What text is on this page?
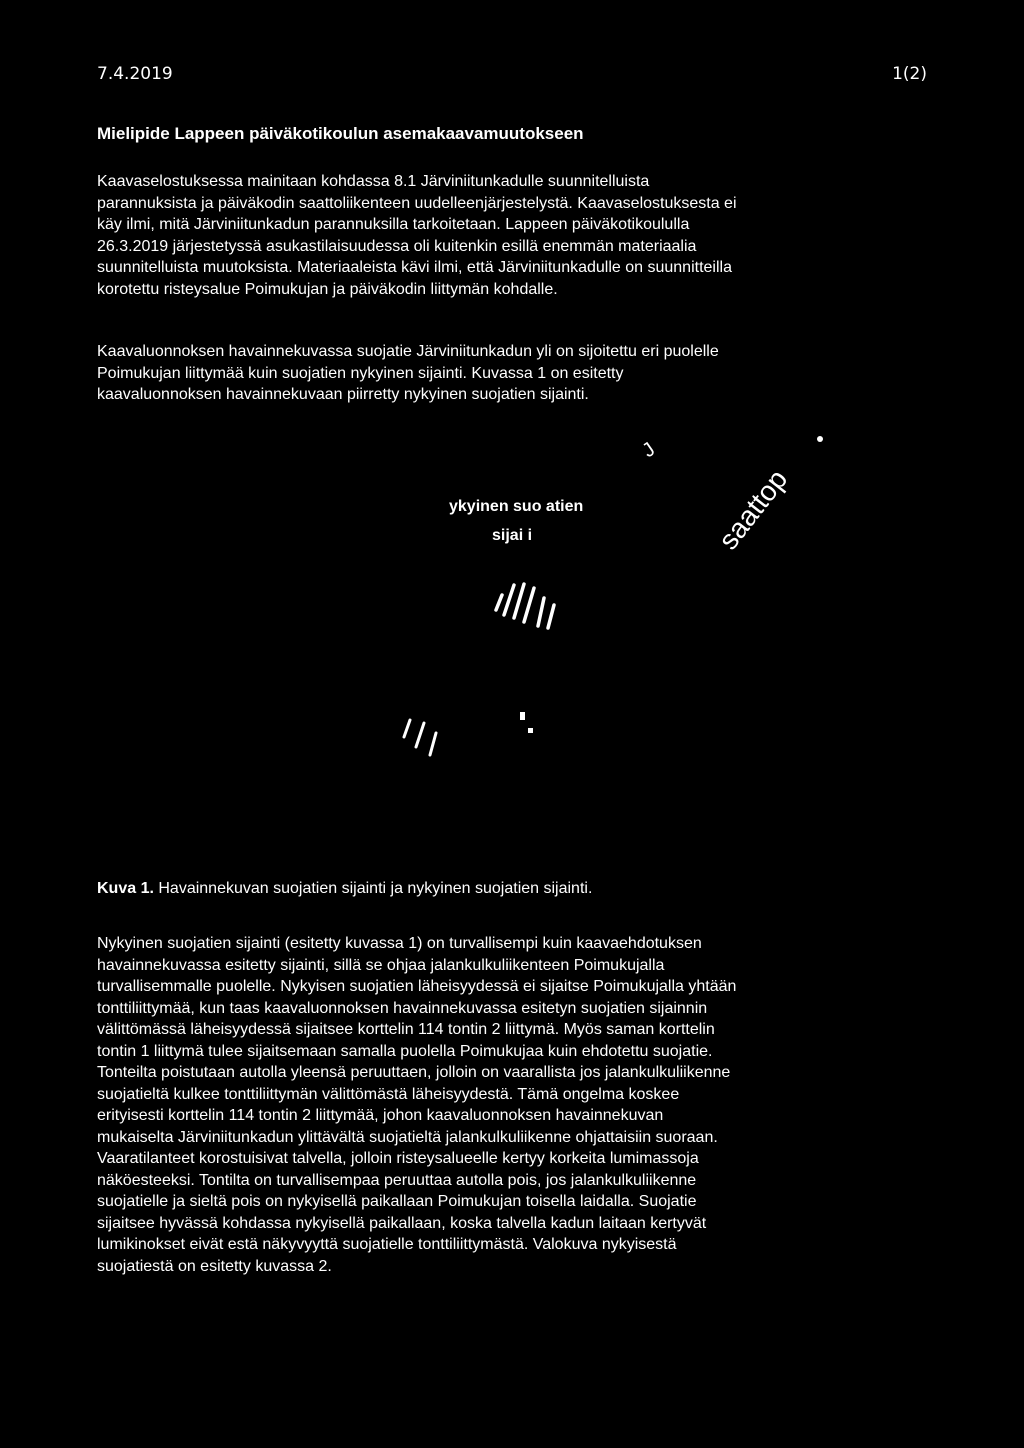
7.4.2019	1(2)
Mielipide Lappeen päiväkotikoulun asemakaavamuutokseen
Kaavaselostuksessa mainitaan kohdassa 8.1 Järviniitunkadulle suunnitelluista
parannuksista ja päiväkodin saattoliikenteen uudelleenjärjestelystä. Kaavaselostuksesta ei
käy ilmi, mitä Järviniitunkadun parannuksilla tarkoitetaan. Lappeen päiväkotikoululla
26.3.2019 järjestetyssä asukastilaisuudessa oli kuitenkin esillä enemmän materiaalia
suunnitelluista muutoksista. Materiaaleista kävi ilmi, että Järviniitunkadulle on suunnitteilla
korotettu risteysalue Poimukujan ja päiväkodin liittymän kohdalle.
Kaavaluonnoksen havainnekuvassa suojatie Järviniitunkadun yli on sijoitettu eri puolelle
Poimukujan liittymää kuin suojatien nykyinen sijainti. Kuvassa 1 on esitetty
kaavaluonnoksen havainnekuvaan piirretty nykyinen suojatien sijainti.
ykyinen suo atien
sijai i	saattop
J
Kuva 1. Havainnekuvan suojatien sijainti ja nykyinen suojatien sijainti.
Nykyinen suojatien sijainti (esitetty kuvassa 1) on turvallisempi kuin kaavaehdotuksen
havainnekuvassa esitetty sijainti, sillä se ohjaa jalankulkuliikenteen Poimukujalla
turvallisemmalle puolelle. Nykyisen suojatien läheisyydessä ei sijaitse Poimukujalla yhtään
tonttiliittymää, kun taas kaavaluonnoksen havainnekuvassa esitetyn suojatien sijainnin
välittömässä läheisyydessä sijaitsee korttelin 114 tontin 2 liittymä. Myös saman korttelin
tontin 1 liittymä tulee sijaitsemaan samalla puolella Poimukujaa kuin ehdotettu suojatie.
Tonteilta poistutaan autolla yleensä peruuttaen, jolloin on vaarallista jos jalankulkuliikenne
suojatieltä kulkee tonttiliittymän välittömästä läheisyydestä. Tämä ongelma koskee
erityisesti korttelin 114 tontin 2 liittymää, johon kaavaluonnoksen havainnekuvan
mukaiselta Järviniitunkadun ylittävältä suojatieltä jalankulkuliikenne ohjattaisiin suoraan.
Vaaratilanteet korostuisivat talvella, jolloin risteysalueelle kertyy korkeita lumimassoja
näköesteeksi. Tontilta on turvallisempaa peruuttaa autolla pois, jos jalankulkuliikenne
suojatielle ja sieltä pois on nykyisellä paikallaan Poimukujan toisella laidalla. Suojatie
sijaitsee hyvässä kohdassa nykyisellä paikallaan, koska talvella kadun laitaan kertyvät
lumikinokset eivät estä näkyvyyttä suojatielle tonttiliittymästä. Valokuva nykyisestä
suojatiestä on esitetty kuvassa 2.
